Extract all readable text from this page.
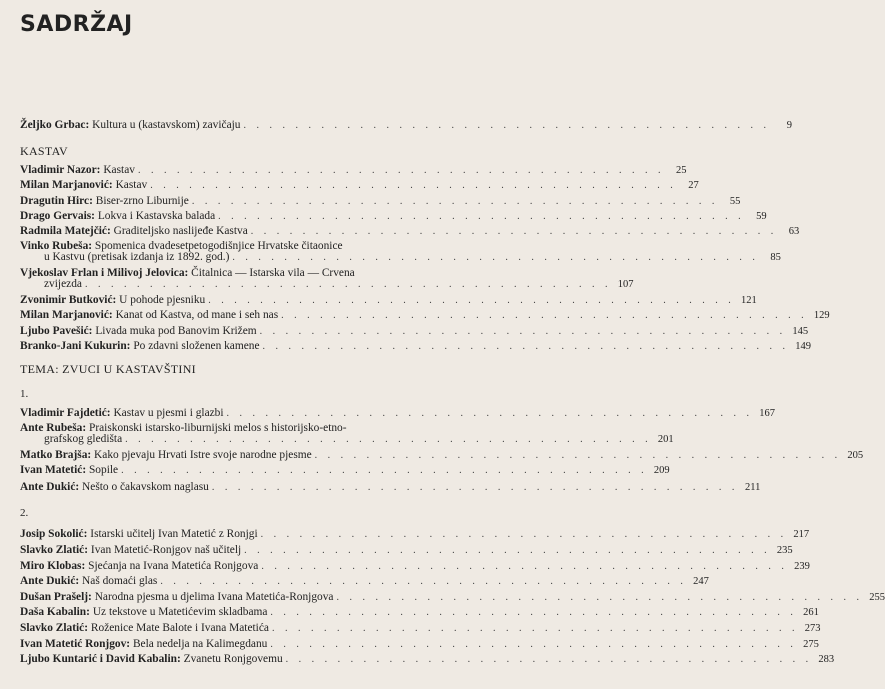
SADRŽAJ
Željko Grbac: Kultura u (kastavskom) zavičaju . . . . . . . . . . . . . . . . . . . . . . . . . . . . . . . . . . . . . . . . .	9
KASTAV
Vladimir Nazor: Kastav . . . . . . . . . . . . . . . . . . . . . . . . . . . . . . . . . . . . . . . . .	25
Milan Marjanović: Kastav . . . . . . . . . . . . . . . . . . . . . . . . . . . . . . . . . . . . . . . . .	27
Dragutin Hirc: Biser-zrno Liburnije . . . . . . . . . . . . . . . . . . . . . . . . . . . . . . . . . . . . . . . . .	55
Drago Gervais: Lokva i Kastavska balada . . . . . . . . . . . . . . . . . . . . . . . . . . . . . . . . . . . . . . . . .	59
Radmila Matejčić: Graditeljsko naslijeđe Kastva . . . . . . . . . . . . . . . . . . . . . . . . . . . . . . . . . . . . . . . . .	63
Vinko Rubeša: Spomenica dvadesetpetogodišnjice Hrvatske čitaonice
u Kastvu (pretisak izdanja iz 1892. god.) . . . . . . . . . . . . . . . . . . . . . . . . . . . . . . . . . . . . . . . . .	85
Vjekoslav Frlan i Milivoj Jelovica: Čitalnica — Istarska vila — Crvena
zvijezda . . . . . . . . . . . . . . . . . . . . . . . . . . . . . . . . . . . . . . . . . 107
Zvonimir Butković: U pohode pjesniku . . . . . . . . . . . . . . . . . . . . . . . . . . . . . . . . . . . . . . . . . 121
Milan Marjanović: Kanat od Kastva, od mane i seh nas . . . . . . . . . . . . . . . . . . . . . . . . . . . . . . . . . . . . . . . . . 129
Ljubo Pavešić: Livada muka pod Banovim Križem . . . . . . . . . . . . . . . . . . . . . . . . . . . . . . . . . . . . . . . . . 145
Branko-Jani Kukurin: Po zdavni složenen kamene . . . . . . . . . . . . . . . . . . . . . . . . . . . . . . . . . . . . . . . . . 149
TEMA: ZVUCI U KASTAVŠTINI
1.
Vladimir Fajdetić: Kastav u pjesmi i glazbi . . . . . . . . . . . . . . . . . . . . . . . . . . . . . . . . . . . . . . . . . 167
Ante Rubeša: Praiskonski istarsko-liburnijski melos s historijsko-etno-
grafskog gledišta . . . . . . . . . . . . . . . . . . . . . . . . . . . . . . . . . . . . . . . . . 201
Matko Brajša: Kako pjevaju Hrvati Istre svoje narodne pjesme . . . . . . . . . . . . . . . . . . . . . . . . . . . . . . . . . . . . . . . . . 205
Ivan Matetić: Sopile . . . . . . . . . . . . . . . . . . . . . . . . . . . . . . . . . . . . . . . . . 209
Ante Dukić: Nešto o čakavskom naglasu . . . . . . . . . . . . . . . . . . . . . . . . . . . . . . . . . . . . . . . . . 211
2.
Josip Sokolić: Istarski učitelj Ivan Matetić z Ronjgi . . . . . . . . . . . . . . . . . . . . . . . . . . . . . . . . . . . . . . . . . 217
Slavko Zlatić: Ivan Matetić-Ronjgov naš učitelj . . . . . . . . . . . . . . . . . . . . . . . . . . . . . . . . . . . . . . . . . 235
Miro Klobas: Sjećanja na Ivana Matetića Ronjgova . . . . . . . . . . . . . . . . . . . . . . . . . . . . . . . . . . . . . . . . . 239
Ante Dukić: Naš domaći glas . . . . . . . . . . . . . . . . . . . . . . . . . . . . . . . . . . . . . . . . . 247
Dušan Prašelj: Narodna pjesma u djelima Ivana Matetića-Ronjgova . . . . . . . . . . . . . . . . . . . . . . . . . . . . . . . . . . . . . . . . . 255
Daša Kabalin: Uz tekstove u Matetićevim skladbama . . . . . . . . . . . . . . . . . . . . . . . . . . . . . . . . . . . . . . . . . 261
Slavko Zlatić: Roženice Mate Balote i Ivana Matetića . . . . . . . . . . . . . . . . . . . . . . . . . . . . . . . . . . . . . . . . . 273
Ivan Matetić Ronjgov: Bela nedelja na Kalimegdanu . . . . . . . . . . . . . . . . . . . . . . . . . . . . . . . . . . . . . . . . . 275
Ljubo Kuntarić i David Kabalin: Zvanetu Ronjgovemu . . . . . . . . . . . . . . . . . . . . . . . . . . . . . . . . . . . . . . . . . 283
